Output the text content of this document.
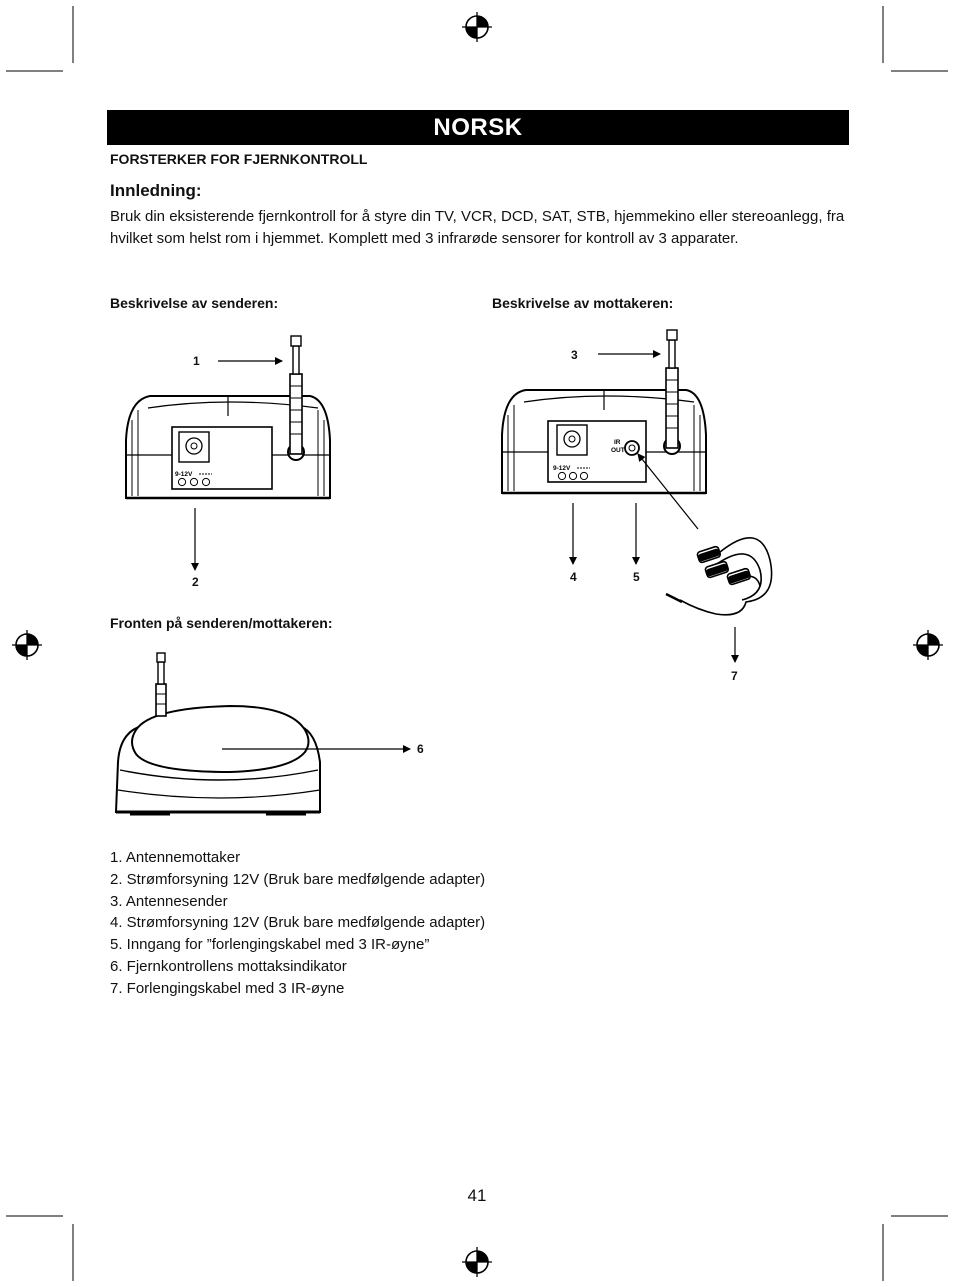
9-12V
9-12V
IR
OUT
NORSK
FORSTERKER FOR FJERNKONTROLL
Innledning:
Bruk din eksisterende fjernkontroll for å styre din TV, VCR, DCD, SAT, STB, hjemmekino eller stereoanlegg, fra hvilket som helst rom i hjemmet. Komplett med 3 infrarøde sensorer for kontroll av 3 apparater.
Beskrivelse av senderen:	Beskrivelse av mottakeren:
Fronten på senderen/mottakeren:
1
2
3
4	5
6
7
1. Antennemottaker
2. Strømforsyning 12V (Bruk bare medfølgende adapter)
3. Antennesender
4. Strømforsyning 12V (Bruk bare medfølgende adapter)
5. Inngang for ”forlengingskabel med 3 IR-øyne”
6. Fjernkontrollens mottaksindikator
7. Forlengingskabel med 3 IR-øyne
41
